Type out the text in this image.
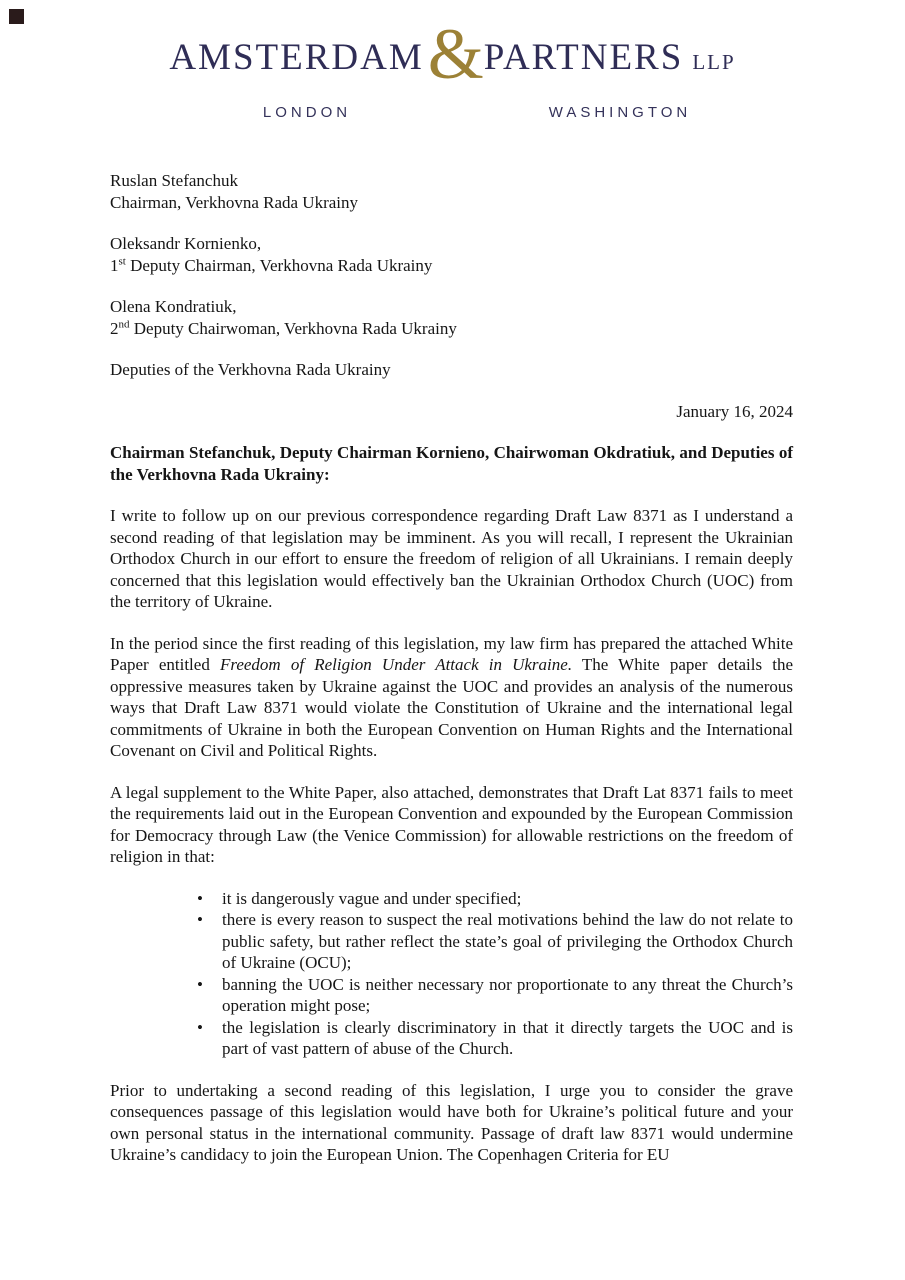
AMSTERDAM & PARTNERS LLP
LONDON	WASHINGTON

Ruslan Stefanchuk

Chairman, Verkhovna Rada Ukrainy

Oleksandr Kornienko,

1st Deputy Chairman, Verkhovna Rada Ukrainy

Olena Kondratiuk,

2nd Deputy Chairwoman, Verkhovna Rada Ukrainy

Deputies of the Verkhovna Rada Ukrainy

January 16, 2024

Chairman Stefanchuk, Deputy Chairman Kornieno, Chairwoman Okdratiuk, and Deputies of the Verkhovna Rada Ukrainy:

I write to follow up on our previous correspondence regarding Draft Law 8371 as I understand a second reading of that legislation may be imminent. As you will recall, I represent the Ukrainian Orthodox Church in our effort to ensure the freedom of religion of all Ukrainians. I remain deeply concerned that this legislation would effectively ban the Ukrainian Orthodox Church (UOC) from the territory of Ukraine.

In the period since the first reading of this legislation, my law firm has prepared the attached White Paper entitled Freedom of Religion Under Attack in Ukraine. The White paper details the oppressive measures taken by Ukraine against the UOC and provides an analysis of the numerous ways that Draft Law 8371 would violate the Constitution of Ukraine and the international legal commitments of Ukraine in both the European Convention on Human Rights and the International Covenant on Civil and Political Rights.

A legal supplement to the White Paper, also attached, demonstrates that Draft Lat 8371 fails to meet the requirements laid out in the European Convention and expounded by the European Commission for Democracy through Law (the Venice Commission) for allowable restrictions on the freedom of religion in that:

•	it is dangerously vague and under specified;
•	there is every reason to suspect the real motivations behind the law do not relate to public safety, but rather reflect the state’s goal of privileging the Orthodox Church of Ukraine (OCU);
•	banning the UOC is neither necessary nor proportionate to any threat the Church’s operation might pose;
•	the legislation is clearly discriminatory in that it directly targets the UOC and is part of vast pattern of abuse of the Church.

Prior to undertaking a second reading of this legislation, I urge you to consider the grave consequences passage of this legislation would have both for Ukraine’s political future and your own personal status in the international community. Passage of draft law 8371 would undermine Ukraine’s candidacy to join the European Union. The Copenhagen Criteria for EU
